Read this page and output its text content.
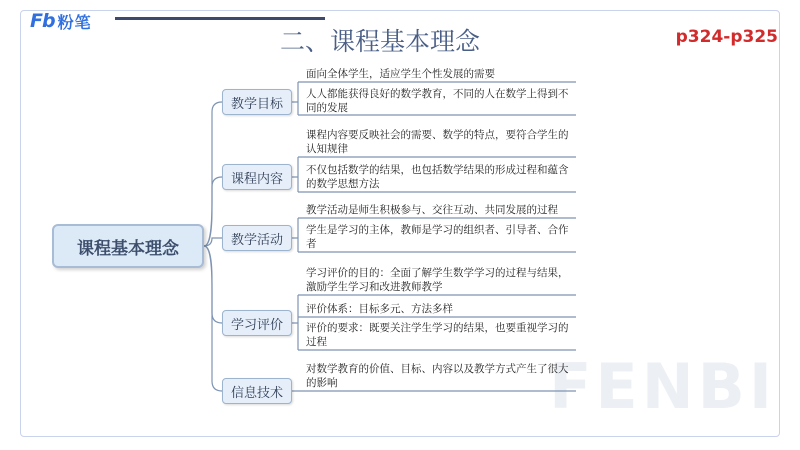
Fb 粉笔
二、课程基本理念	p324-p325
FENBI
课程基本理念
教学目标
课程内容
教学活动
学习评价
信息技术
面向全体学生，适应学生个性发展的需要
人人都能获得良好的数学教育，不同的人在数学上得到不同的发展
课程内容要反映社会的需要、数学的特点，要符合学生的认知规律
不仅包括数学的结果，也包括数学结果的形成过程和蕴含的数学思想方法
教学活动是师生积极参与、交往互动、共同发展的过程
学生是学习的主体，教师是学习的组织者、引导者、合作者
学习评价的目的：全面了解学生数学学习的过程与结果，激励学生学习和改进教师教学
评价体系：目标多元、方法多样
评价的要求：既要关注学生学习的结果，也要重视学习的过程
对数学教育的价值、目标、内容以及教学方式产生了很大的影响
